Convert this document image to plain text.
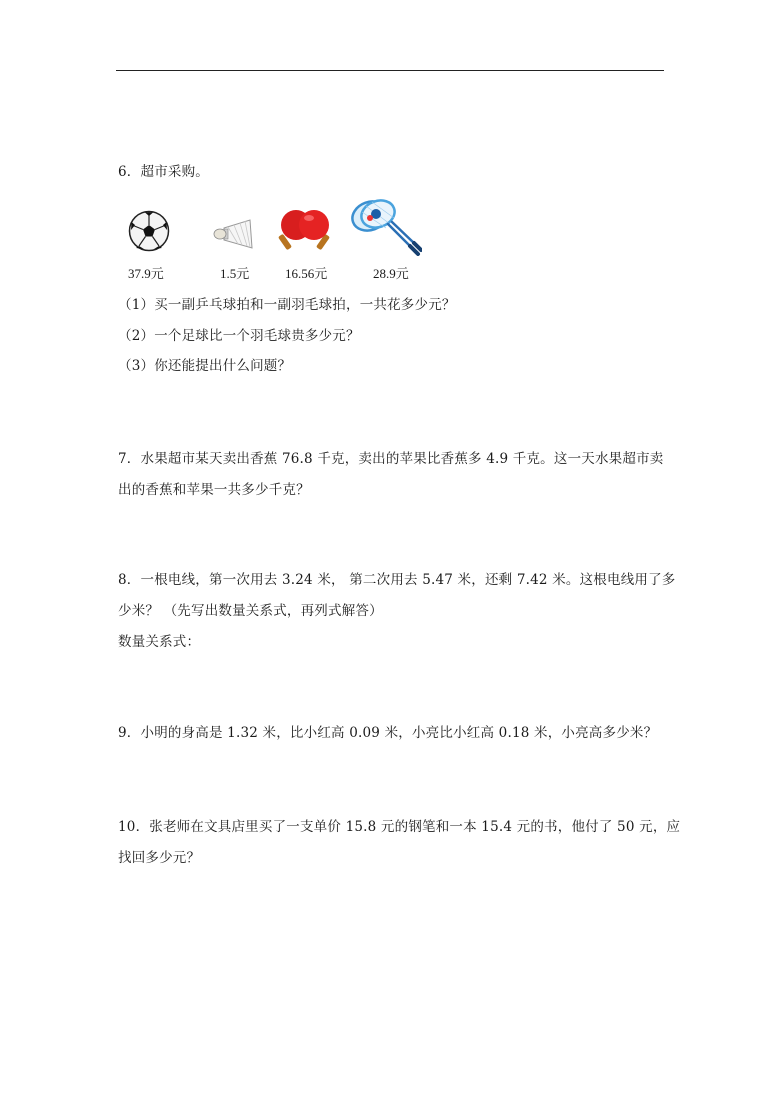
6．超市采购。
37.9元	1.5元	16.56元	28.9元
（1）买一副乒乓球拍和一副羽毛球拍，一共花多少元？
（2）一个足球比一个羽毛球贵多少元？
（3）你还能提出什么问题？
7．水果超市某天卖出香蕉 76.8 千克，卖出的苹果比香蕉多 4.9 千克。这一天水果超市卖
出的香蕉和苹果一共多少千克？
8．一根电线，第一次用去 3.24 米， 第二次用去 5.47 米，还剩 7.42 米。这根电线用了多
少米？ （先写出数量关系式，再列式解答）
数量关系式：
9．小明的身高是 1.32 米，比小红高 0.09 米，小亮比小红高 0.18 米，小亮高多少米？
10．张老师在文具店里买了一支单价 15.8 元的钢笔和一本 15.4 元的书，他付了 50 元，应
找回多少元？
